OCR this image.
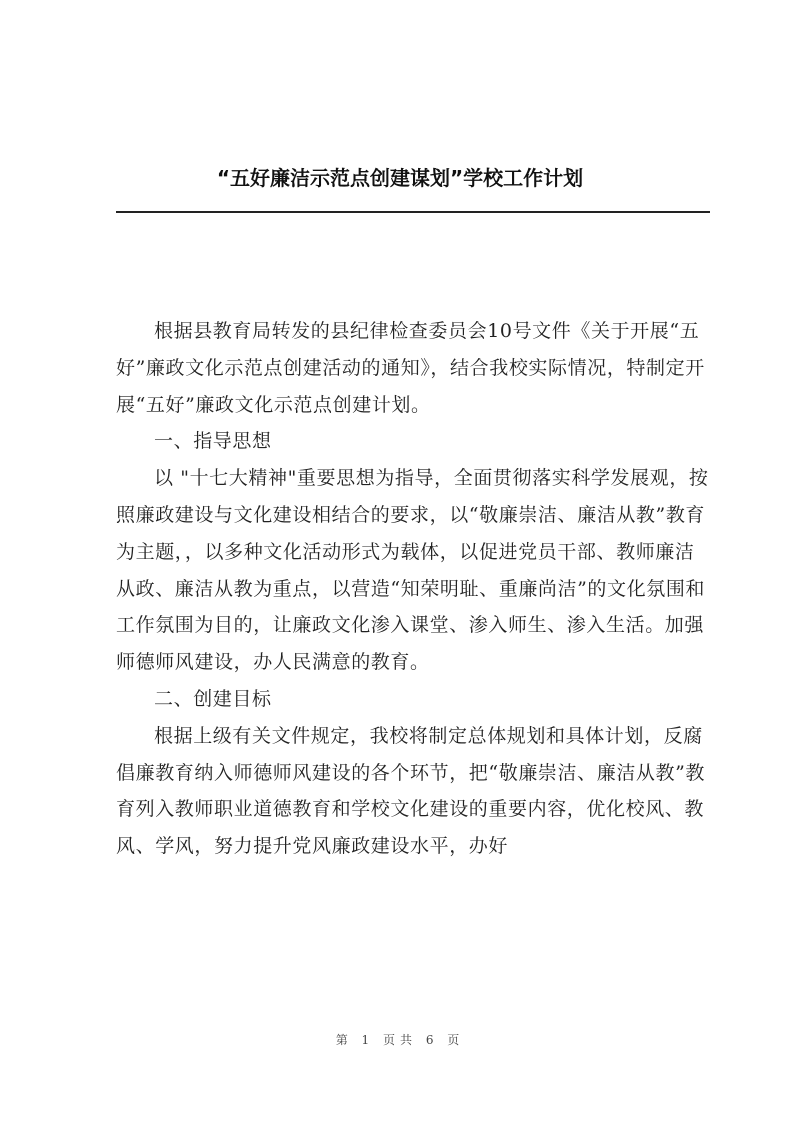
“五好廉洁示范点创建谋划”学校工作计划

根据县教育局转发的县纪律检查委员会10号文件《关于开展“五好”廉政文化示范点创建活动的通知》，结合我校实际情况，特制定开展“五好”廉政文化示范点创建计划。

一、指导思想

以 "十七大精神"重要思想为指导，全面贯彻落实科学发展观，按照廉政建设与文化建设相结合的要求，以“敬廉崇洁、廉洁从教”教育为主题，，以多种文化活动形式为载体，以促进党员干部、教师廉洁从政、廉洁从教为重点，以营造“知荣明耻、重廉尚洁”的文化氛围和工作氛围为目的，让廉政文化渗入课堂、渗入师生、渗入生活。加强师德师风建设，办人民满意的教育。

二、创建目标

根据上级有关文件规定，我校将制定总体规划和具体计划，反腐倡廉教育纳入师德师风建设的各个环节，把“敬廉崇洁、廉洁从教”教育列入教师职业道德教育和学校文化建设的重要内容，优化校风、教风、学风，努力提升党风廉政建设水平，办好

第 1 页共 6 页
